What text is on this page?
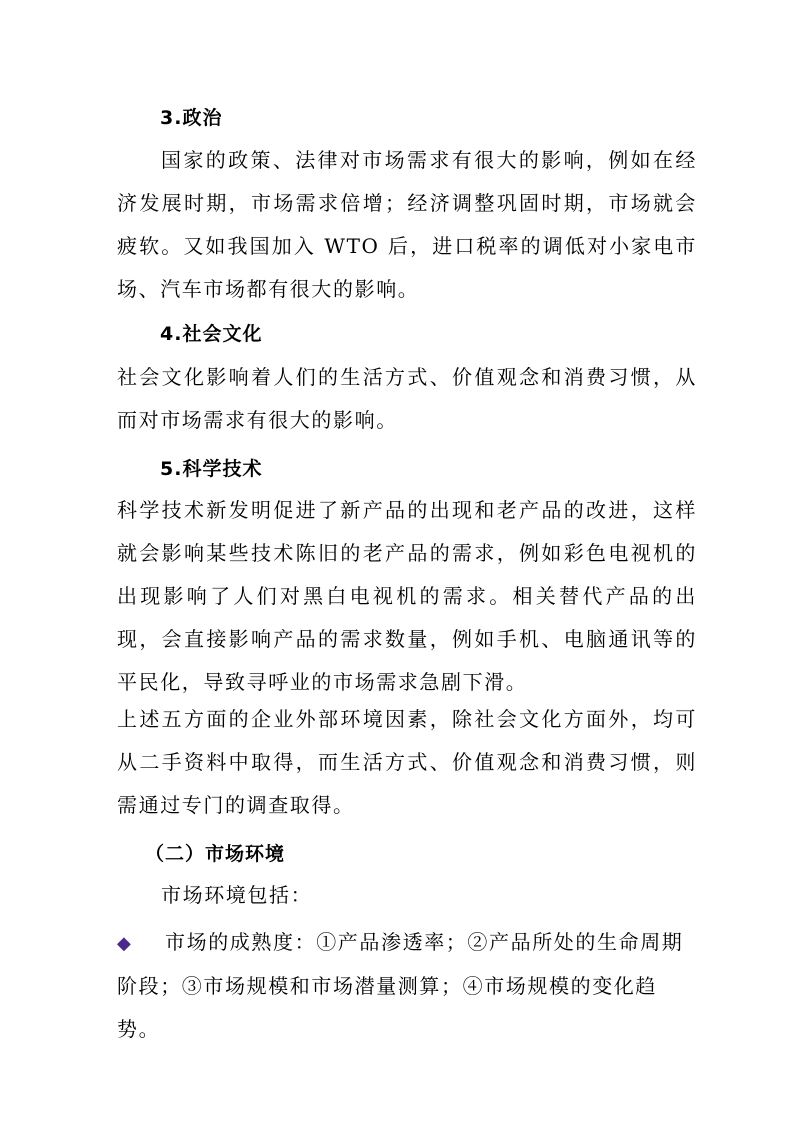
3.政治
国家的政策、法律对市场需求有很大的影响，例如在经济发展时期，市场需求倍增；经济调整巩固时期，市场就会疲软。又如我国加入 WTO 后，进口税率的调低对小家电市场、汽车市场都有很大的影响。
4.社会文化
社会文化影响着人们的生活方式、价值观念和消费习惯，从而对市场需求有很大的影响。
5.科学技术
科学技术新发明促进了新产品的出现和老产品的改进，这样就会影响某些技术陈旧的老产品的需求，例如彩色电视机的出现影响了人们对黑白电视机的需求。相关替代产品的出现，会直接影响产品的需求数量，例如手机、电脑通讯等的平民化，导致寻呼业的市场需求急剧下滑。
上述五方面的企业外部环境因素，除社会文化方面外，均可从二手资料中取得，而生活方式、价值观念和消费习惯，则需通过专门的调查取得。
（二）市场环境
市场环境包括：
◆ 市场的成熟度：①产品渗透率；②产品所处的生命周期阶段；③市场规模和市场潜量测算；④市场规模的变化趋势。
